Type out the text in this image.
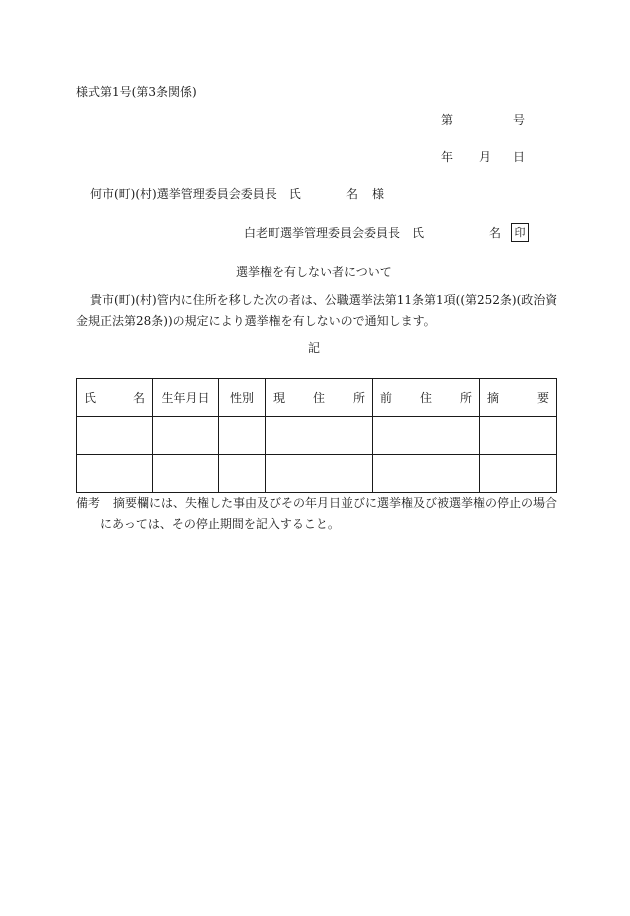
様式第1号(第3条関係)
第	号
年 月 日
何市(町)(村)選挙管理委員会委員長　氏	名 様
白老町選挙管理委員会委員長　氏	名	印
選挙権を有しない者について
貴市(町)(村)管内に住所を移した次の者は、公職選挙法第11条第1項((第252条)(政治資
金規正法第28条))の規定により選挙権を有しないので通知します。
記
氏 名	生年月日	性別	現 住 所	前 住 所	摘 要

備考 摘要欄には、失権した事由及びその年月日並びに選挙権及び被選挙権の停止の場合
にあっては、その停止期間を記入すること。
